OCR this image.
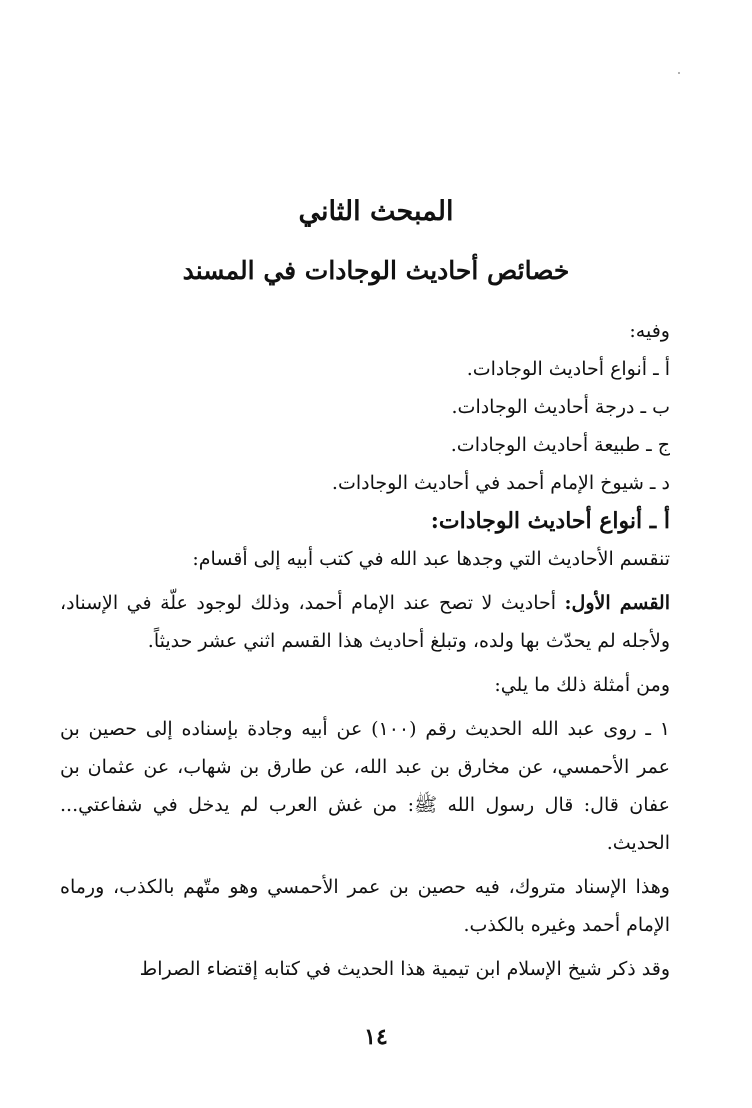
المبحث الثاني
خصائص أحاديث الوجادات في المسند

وفيه:

أ ـ أنواع أحاديث الوجادات.

ب ـ درجة أحاديث الوجادات.

ج ـ طبيعة أحاديث الوجادات.

د ـ شيوخ الإمام أحمد في أحاديث الوجادات.

أ ـ أنواع أحاديث الوجادات:

تنقسم الأحاديث التي وجدها عبد الله في كتب أبيه إلى أقسام:

القسم الأول: أحاديث لا تصح عند الإمام أحمد، وذلك لوجود علّة في الإسناد، ولأجله لم يحدّث بها ولده، وتبلغ أحاديث هذا القسم اثني عشر حديثاً.

ومن أمثلة ذلك ما يلي:

١ ـ روى عبد الله الحديث رقم (١٠٠) عن أبيه وجادة بإسناده إلى حصين بن عمر الأحمسي، عن مخارق بن عبد الله، عن طارق بن شهاب، عن عثمان بن عفان قال: قال رسول الله ﷺ: من غش العرب لم يدخل في شفاعتي... الحديث.

وهذا الإسناد متروك، فيه حصين بن عمر الأحمسي وهو متّهم بالكذب، ورماه الإمام أحمد وغيره بالكذب.

وقد ذكر شيخ الإسلام ابن تيمية هذا الحديث في كتابه إقتضاء الصراط

١٤
